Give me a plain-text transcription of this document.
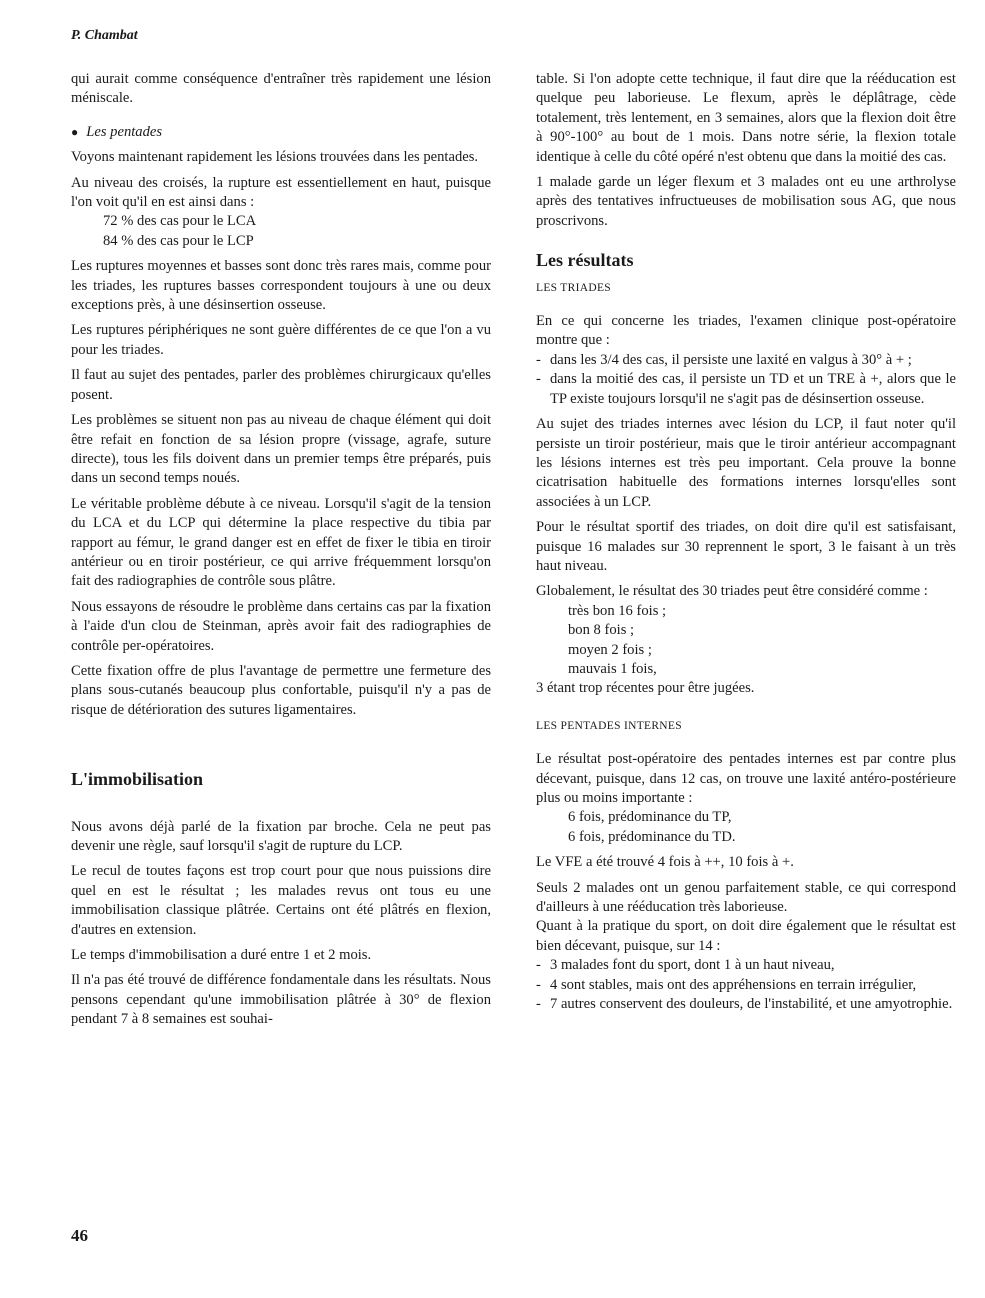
P. Chambat

qui aurait comme conséquence d'entraîner très rapidement une lésion méniscale.

● Les pentades

Voyons maintenant rapidement les lésions trouvées dans les pentades.

Au niveau des croisés, la rupture est essentiellement en haut, puisque l'on voit qu'il en est ainsi dans :

72 % des cas pour le LCA
84 % des cas pour le LCP

Les ruptures moyennes et basses sont donc très rares mais, comme pour les triades, les ruptures basses correspondent toujours à une ou deux exceptions près, à une désinsertion osseuse.

Les ruptures périphériques ne sont guère différentes de ce que l'on a vu pour les triades.

Il faut au sujet des pentades, parler des problèmes chirurgicaux qu'elles posent.

Les problèmes se situent non pas au niveau de chaque élément qui doit être refait en fonction de sa lésion propre (vissage, agrafe, suture directe), tous les fils doivent dans un premier temps être préparés, puis dans un second temps noués.

Le véritable problème débute à ce niveau. Lorsqu'il s'agit de la tension du LCA et du LCP qui détermine la place respective du tibia par rapport au fémur, le grand danger est en effet de fixer le tibia en tiroir antérieur ou en tiroir postérieur, ce qui arrive fréquemment lorsqu'on fait des radiographies de contrôle sous plâtre.

Nous essayons de résoudre le problème dans certains cas par la fixation à l'aide d'un clou de Steinman, après avoir fait des radiographies de contrôle per-opératoires.

Cette fixation offre de plus l'avantage de permettre une fermeture des plans sous-cutanés beaucoup plus confortable, puisqu'il n'y a pas de risque de détérioration des sutures ligamentaires.

L'immobilisation

Nous avons déjà parlé de la fixation par broche. Cela ne peut pas devenir une règle, sauf lorsqu'il s'agit de rupture du LCP.

Le recul de toutes façons est trop court pour que nous puissions dire quel en est le résultat ; les malades revus ont tous eu une immobilisation classique plâtrée. Certains ont été plâtrés en flexion, d'autres en extension.

Le temps d'immobilisation a duré entre 1 et 2 mois.

Il n'a pas été trouvé de différence fondamentale dans les résultats. Nous pensons cependant qu'une immobilisation plâtrée à 30° de flexion pendant 7 à 8 semaines est souhai-

table. Si l'on adopte cette technique, il faut dire que la rééducation est quelque peu laborieuse. Le flexum, après le déplâtrage, cède totalement, très lentement, en 3 semaines, alors que la flexion doit être à 90°-100° au bout de 1 mois. Dans notre série, la flexion totale identique à celle du côté opéré n'est obtenu que dans la moitié des cas.

1 malade garde un léger flexum et 3 malades ont eu une arthrolyse après des tentatives infructueuses de mobilisation sous AG, que nous proscrivons.

Les résultats
LES TRIADES

En ce qui concerne les triades, l'examen clinique post-opératoire montre que :

- dans les 3/4 des cas, il persiste une laxité en valgus à 30° à + ;
- dans la moitié des cas, il persiste un TD et un TRE à +, alors que le TP existe toujours lorsqu'il ne s'agit pas de désinsertion osseuse.

Au sujet des triades internes avec lésion du LCP, il faut noter qu'il persiste un tiroir postérieur, mais que le tiroir antérieur accompagnant les lésions internes est très peu important. Cela prouve la bonne cicatrisation habituelle des formations internes lorsqu'elles sont associées à un LCP.

Pour le résultat sportif des triades, on doit dire qu'il est satisfaisant, puisque 16 malades sur 30 reprennent le sport, 3 le faisant à un très haut niveau.

Globalement, le résultat des 30 triades peut être considéré comme :

très bon 16 fois ;
bon 8 fois ;
moyen 2 fois ;
mauvais 1 fois,

3 étant trop récentes pour être jugées.

LES PENTADES INTERNES

Le résultat post-opératoire des pentades internes est par contre plus décevant, puisque, dans 12 cas, on trouve une laxité antéro-postérieure plus ou moins importante :

6 fois, prédominance du TP,
6 fois, prédominance du TD.

Le VFE a été trouvé 4 fois à ++, 10 fois à +.

Seuls 2 malades ont un genou parfaitement stable, ce qui correspond d'ailleurs à une rééducation très laborieuse.

Quant à la pratique du sport, on doit dire également que le résultat est bien décevant, puisque, sur 14 :

- 3 malades font du sport, dont 1 à un haut niveau,
- 4 sont stables, mais ont des appréhensions en terrain irrégulier,
- 7 autres conservent des douleurs, de l'instabilité, et une amyotrophie.
46
